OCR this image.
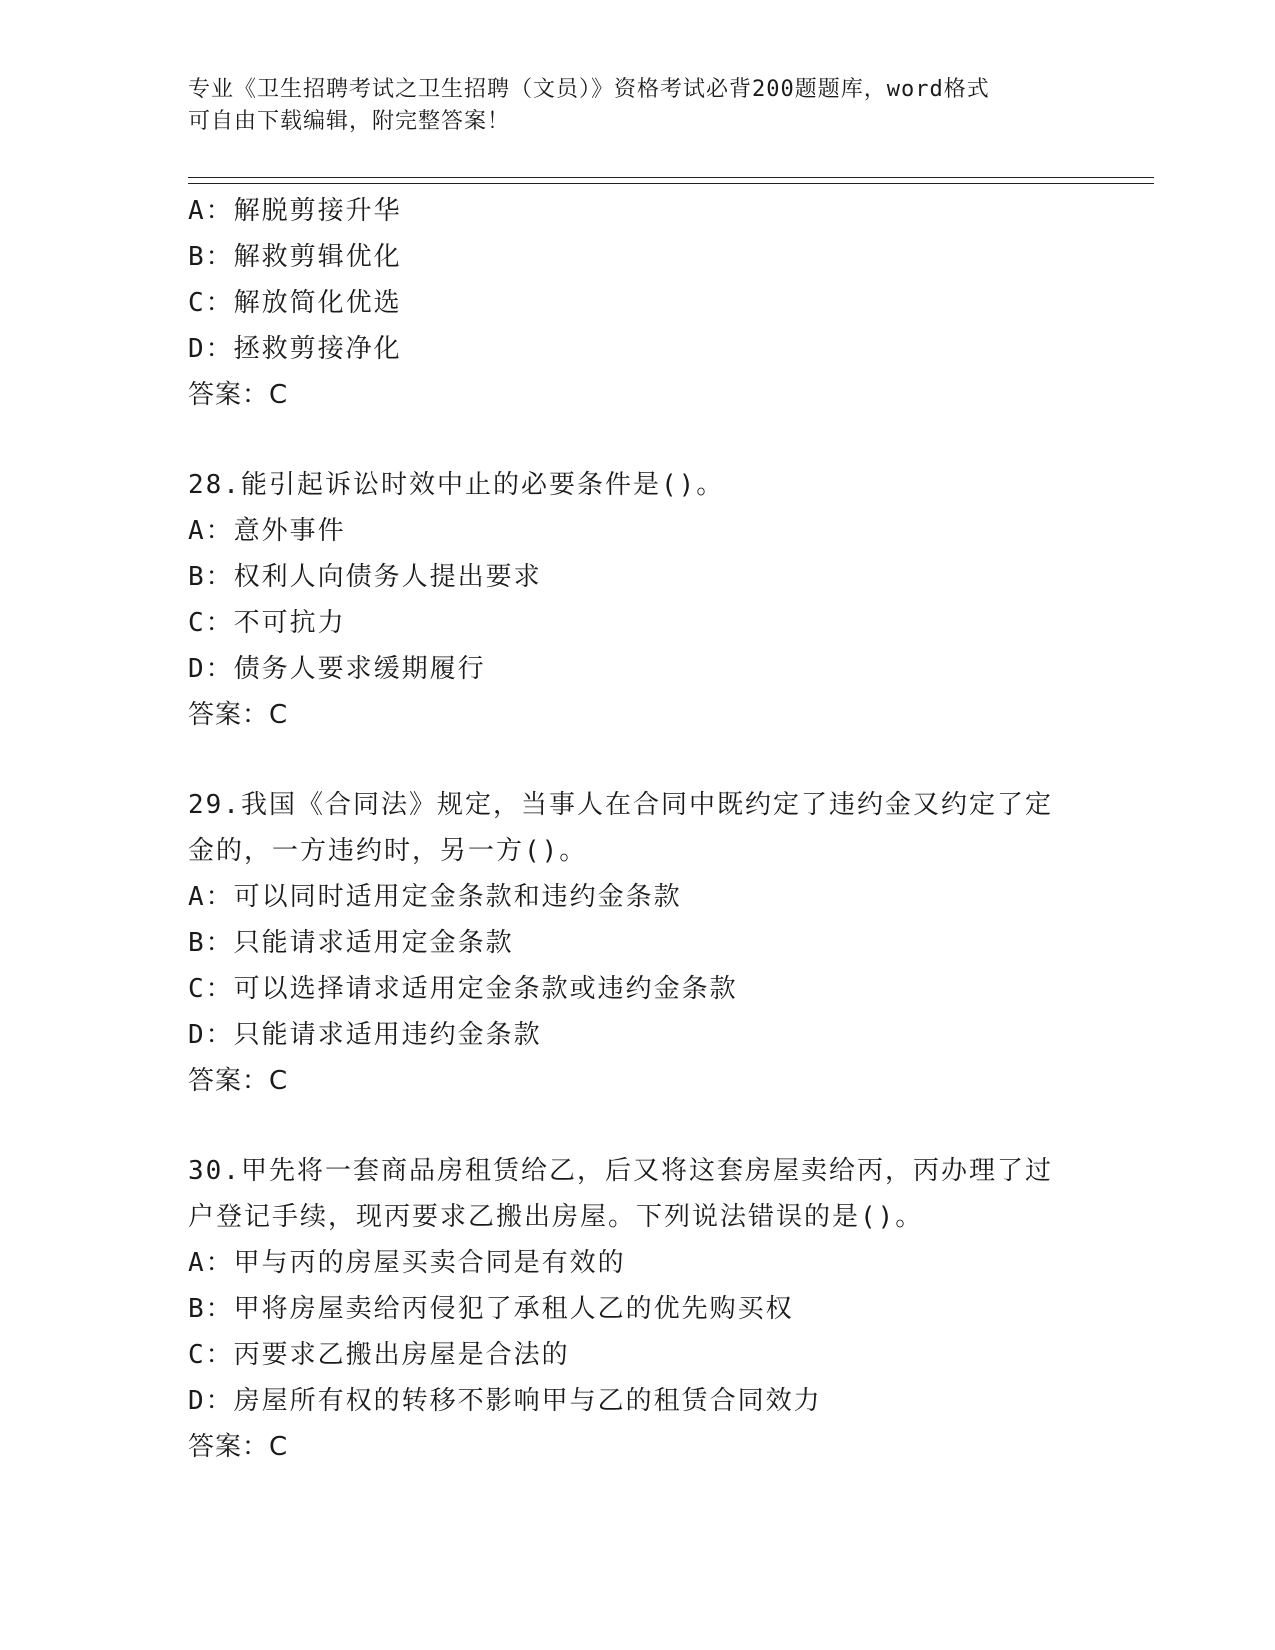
专业《卫生招聘考试之卫生招聘（文员）》资格考试必背200题题库，word格式
可自由下载编辑，附完整答案！
A：解脱剪接升华
B：解救剪辑优化
C：解放简化优选
D：拯救剪接净化
答案：C
28.能引起诉讼时效中止的必要条件是()。
A：意外事件
B：权利人向债务人提出要求
C：不可抗力
D：债务人要求缓期履行
答案：C
29.我国《合同法》规定，当事人在合同中既约定了违约金又约定了定
金的，一方违约时，另一方()。
A：可以同时适用定金条款和违约金条款
B：只能请求适用定金条款
C：可以选择请求适用定金条款或违约金条款
D：只能请求适用违约金条款
答案：C
30.甲先将一套商品房租赁给乙，后又将这套房屋卖给丙，丙办理了过
户登记手续，现丙要求乙搬出房屋。下列说法错误的是()。
A：甲与丙的房屋买卖合同是有效的
B：甲将房屋卖给丙侵犯了承租人乙的优先购买权
C：丙要求乙搬出房屋是合法的
D：房屋所有权的转移不影响甲与乙的租赁合同效力
答案：C
